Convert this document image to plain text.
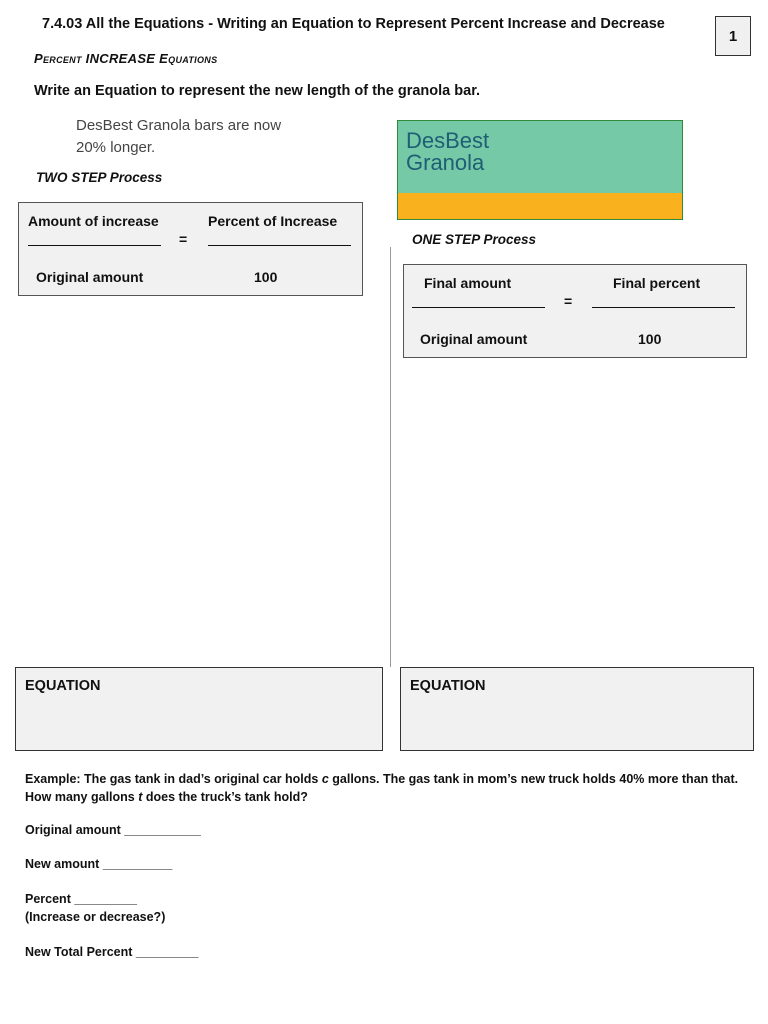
7.4.03 All the Equations - Writing an Equation to Represent Percent Increase and Decrease
1
Percent INCREASE Equations
Write an Equation to represent the new length of the granola bar.
DesBest Granola bars are now
20% longer.	DesBest
Granola
TWO STEP Process
Amount of increase	Percent of Increase
=
Original amount	100
ONE STEP Process
Final amount	Final percent
=
Original amount	100
EQUATION	EQUATION
Example: The gas tank in dad’s original car holds c gallons. The gas tank in mom’s new truck holds 40% more than that. How many gallons t does the truck’s tank hold?
Original amount ___________
New amount __________
Percent _________
(Increase or decrease?)
New Total Percent _________
